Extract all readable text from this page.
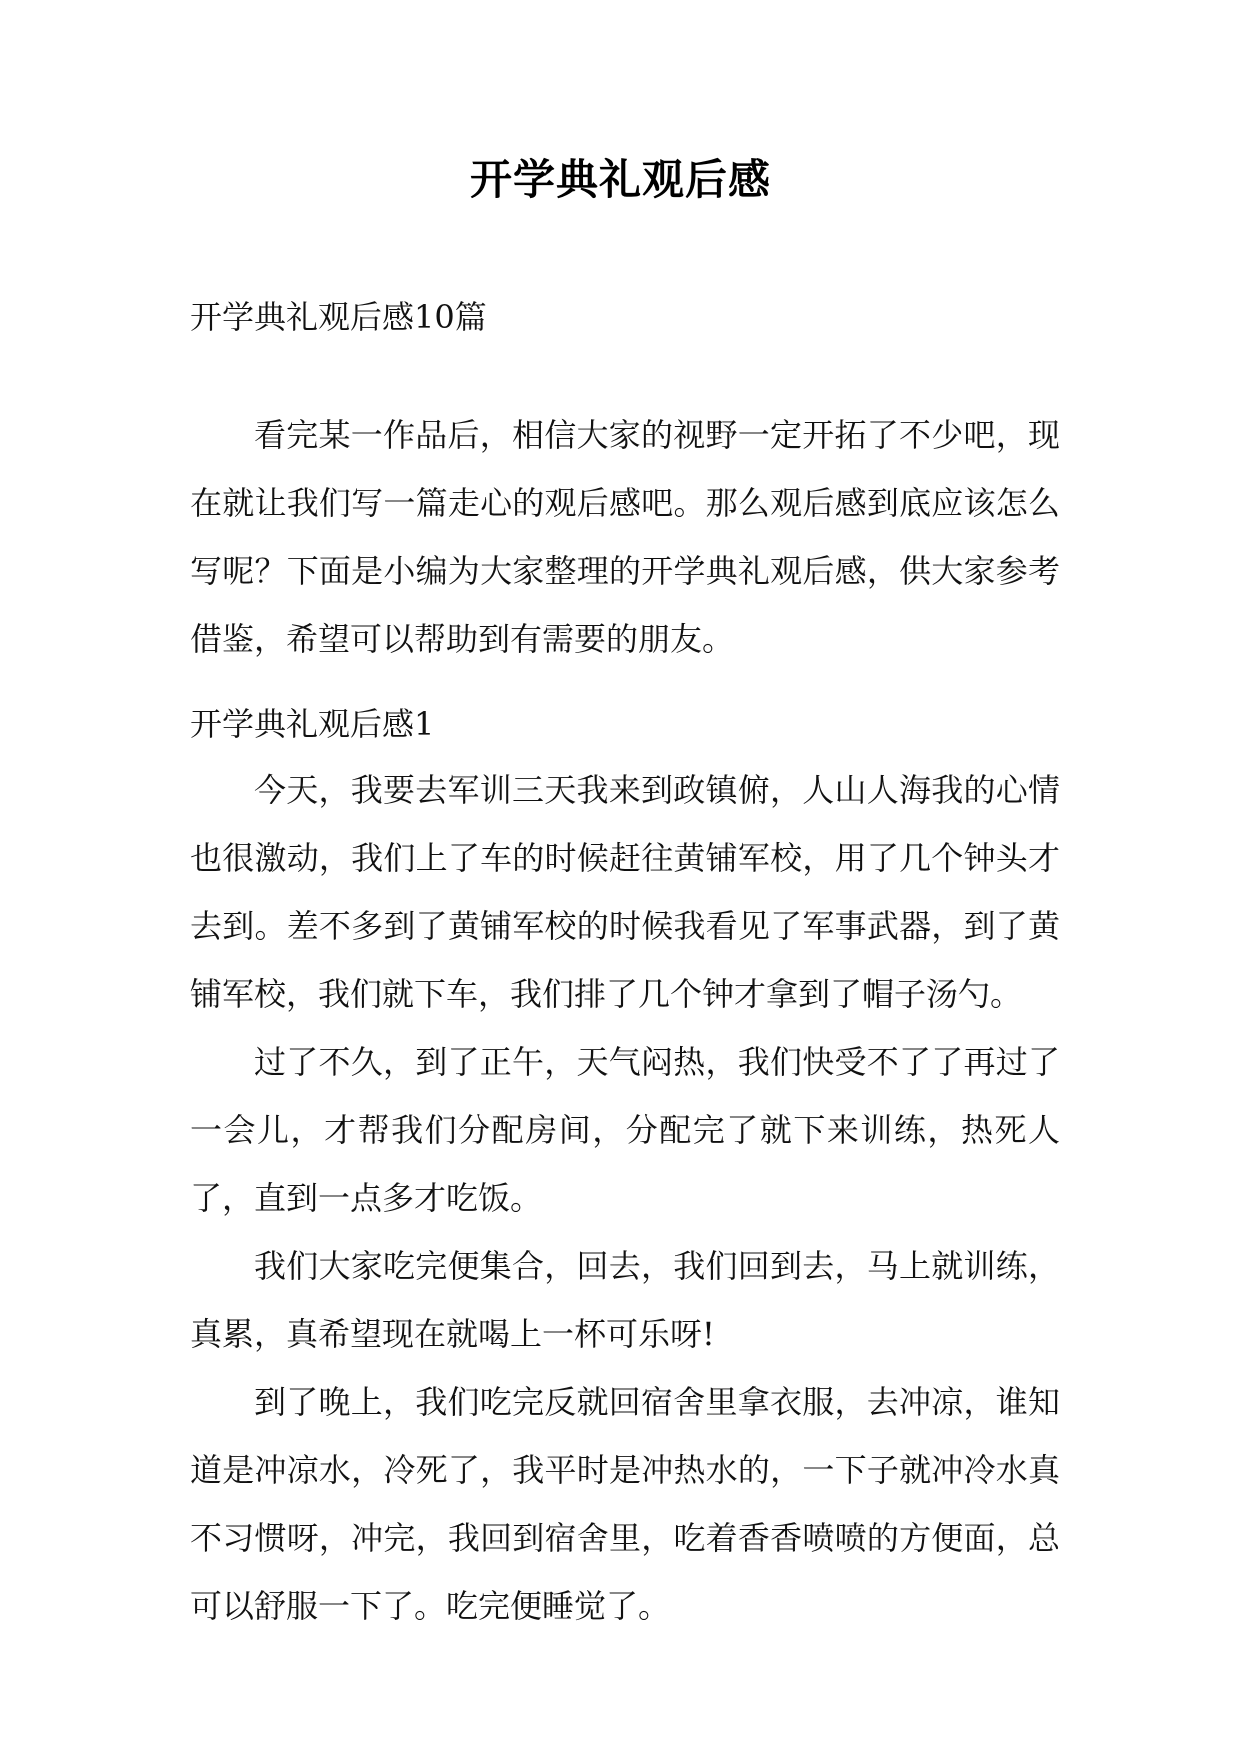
开学典礼观后感
开学典礼观后感10篇

看完某一作品后，相信大家的视野一定开拓了不少吧，现在就让我们写一篇走心的观后感吧。那么观后感到底应该怎么写呢？下面是小编为大家整理的开学典礼观后感，供大家参考借鉴，希望可以帮助到有需要的朋友。

开学典礼观后感1

今天，我要去军训三天我来到政镇俯，人山人海我的心情也很激动，我们上了车的时候赶往黄铺军校，用了几个钟头才去到。差不多到了黄铺军校的时候我看见了军事武器，到了黄铺军校，我们就下车，我们排了几个钟才拿到了帽子汤勺。

过了不久，到了正午，天气闷热，我们快受不了了再过了一会儿，才帮我们分配房间，分配完了就下来训练，热死人了，直到一点多才吃饭。

我们大家吃完便集合，回去，我们回到去，马上就训练，真累，真希望现在就喝上一杯可乐呀!

到了晚上，我们吃完反就回宿舍里拿衣服，去冲凉，谁知道是冲凉水，冷死了，我平时是冲热水的，一下子就冲冷水真不习惯呀，冲完，我回到宿舍里，吃着香香喷喷的方便面，总可以舒服一下了。吃完便睡觉了。
